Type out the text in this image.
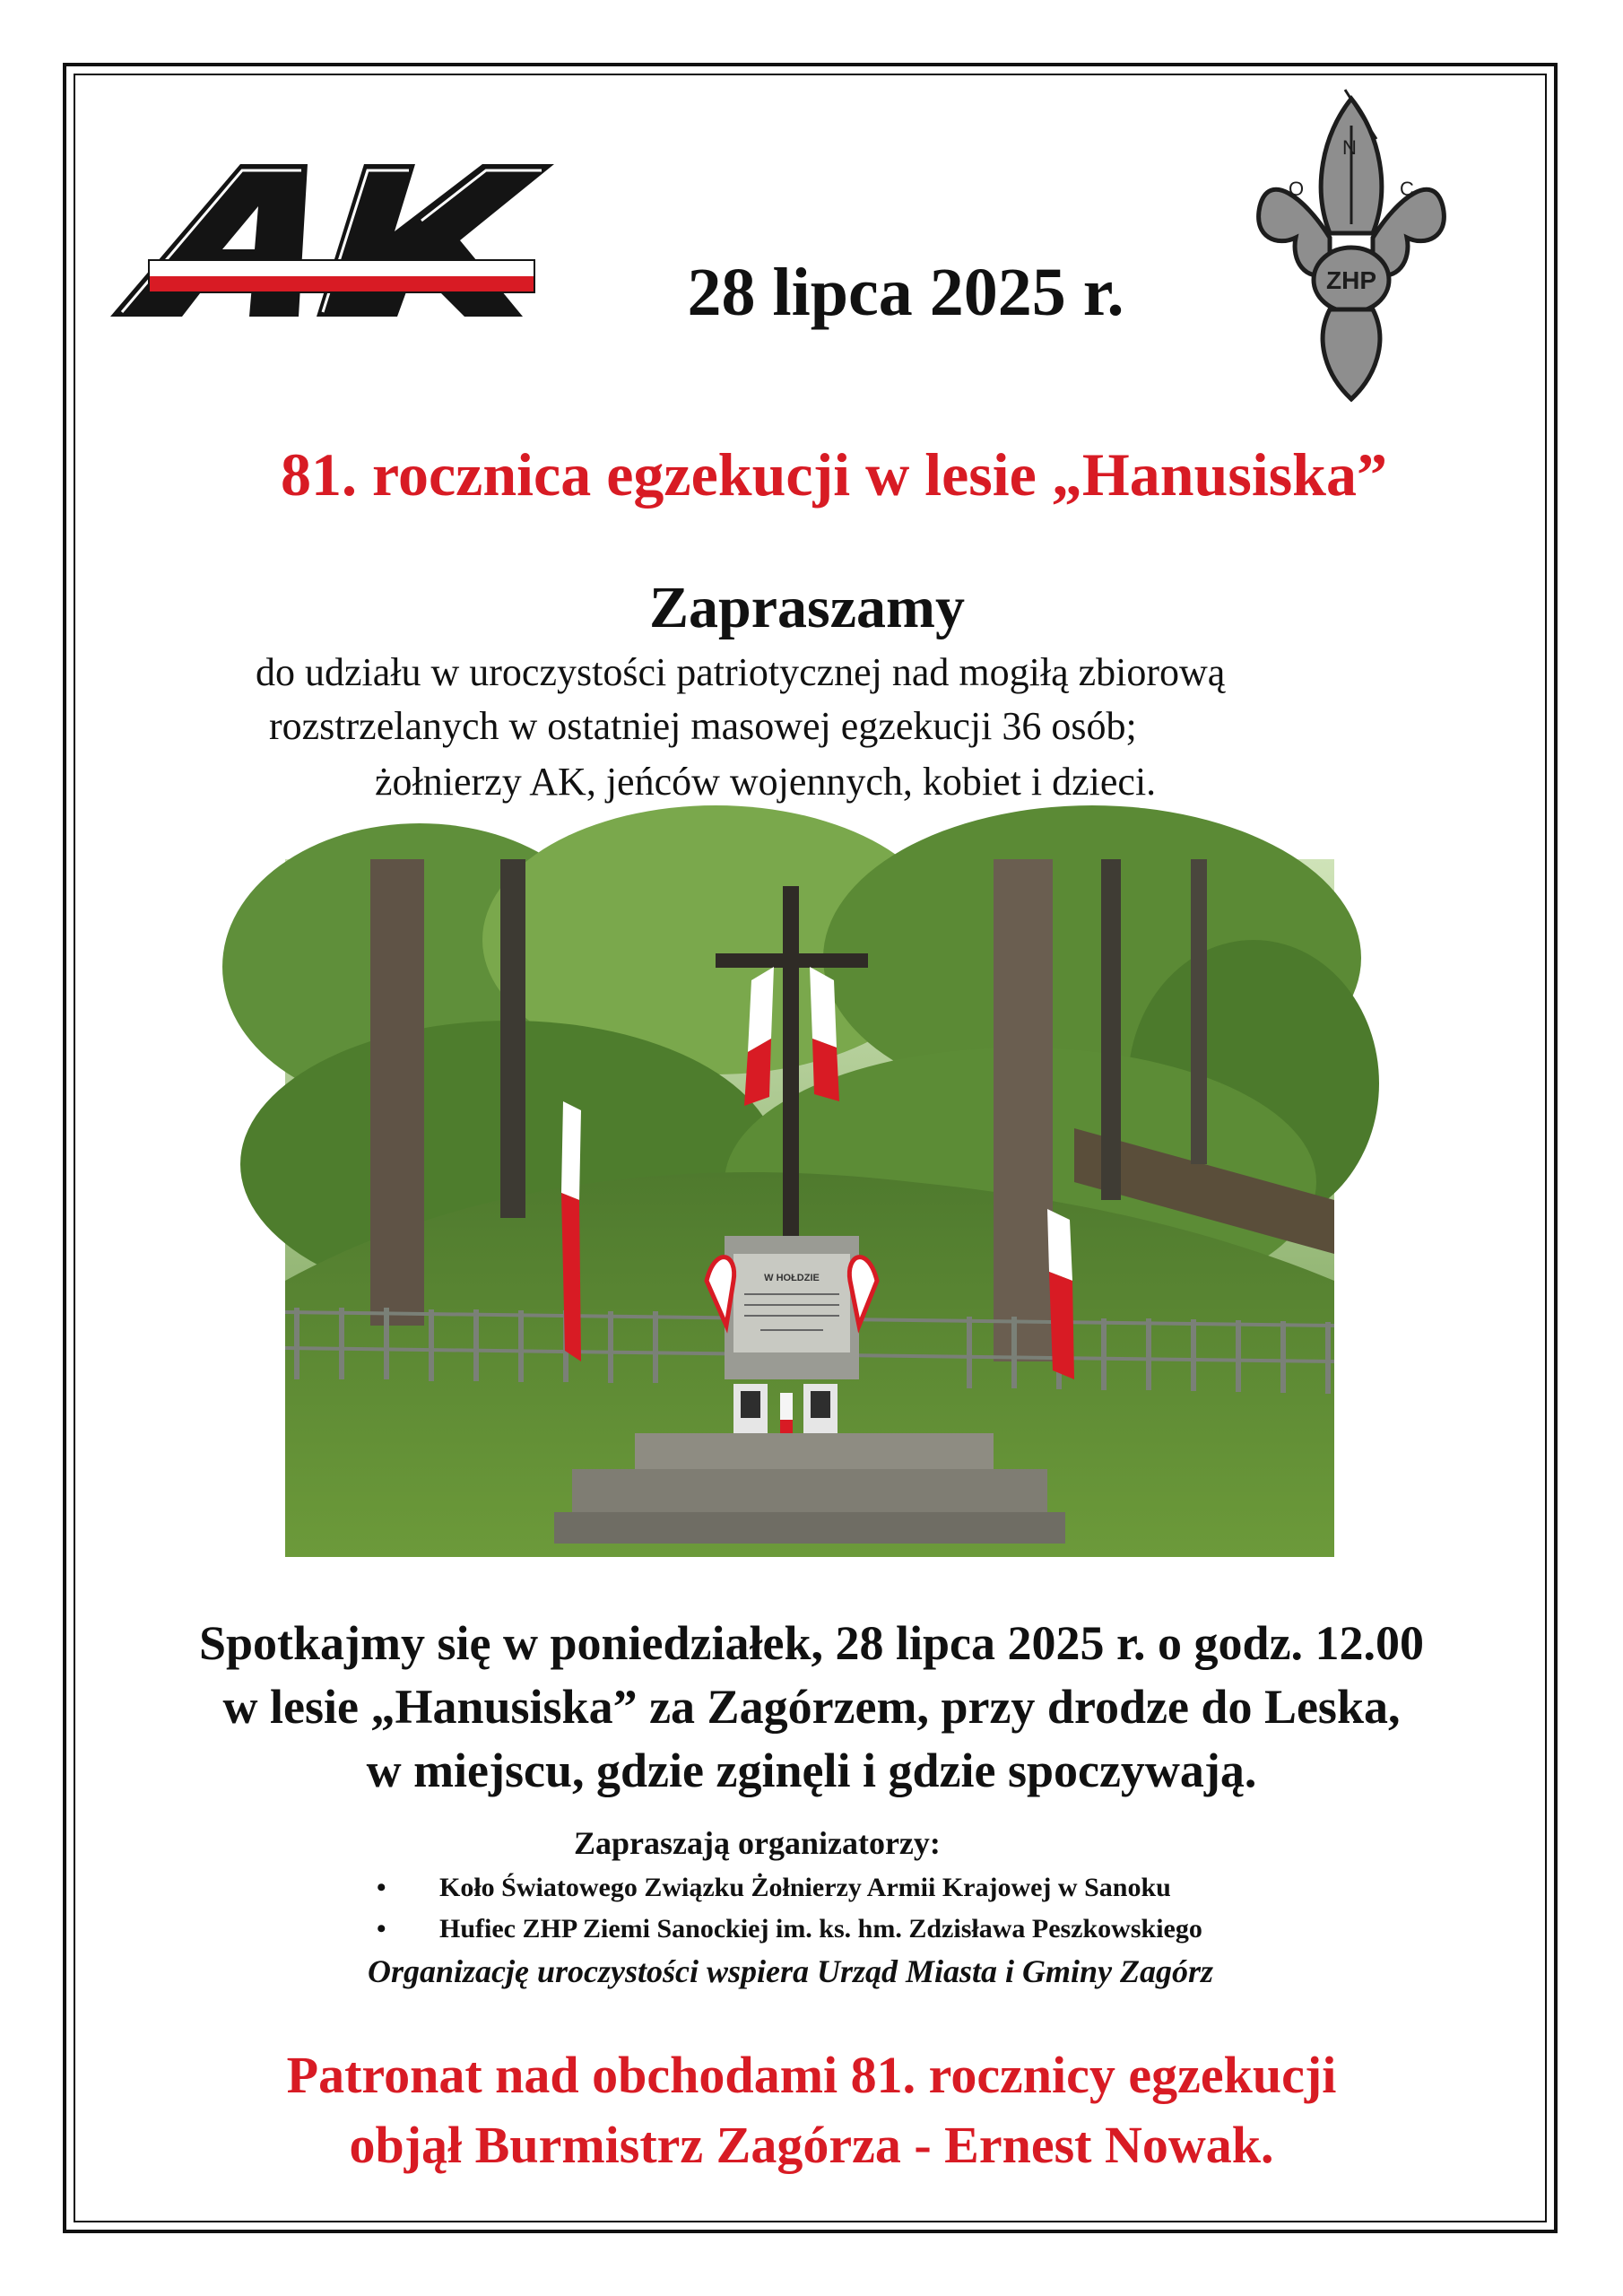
AK
O
N
C
ZHP
28 lipca 2025 r.
81. rocznica egzekucji w lesie „Hanusiska”
Zapraszamy
do udziału w uroczystości patriotycznej nad mogiłą zbiorową
rozstrzelanych w ostatniej masowej egzekucji 36 osób;
żołnierzy AK, jeńców wojennych, kobiet i dzieci.
W HOŁDZIE
Spotkajmy się w poniedziałek, 28 lipca 2025 r. o godz. 12.00
w lesie „Hanusiska” za Zagórzem, przy drodze do Leska,
w miejscu, gdzie zginęli i gdzie spoczywają.
Zapraszają organizatorzy:
• Koło Światowego Związku Żołnierzy Armii Krajowej w Sanoku
• Hufiec ZHP Ziemi Sanockiej im. ks. hm. Zdzisława Peszkowskiego
Organizację uroczystości wspiera Urząd Miasta i Gminy Zagórz
Patronat nad obchodami 81. rocznicy egzekucji
objął Burmistrz Zagórza - Ernest Nowak.
